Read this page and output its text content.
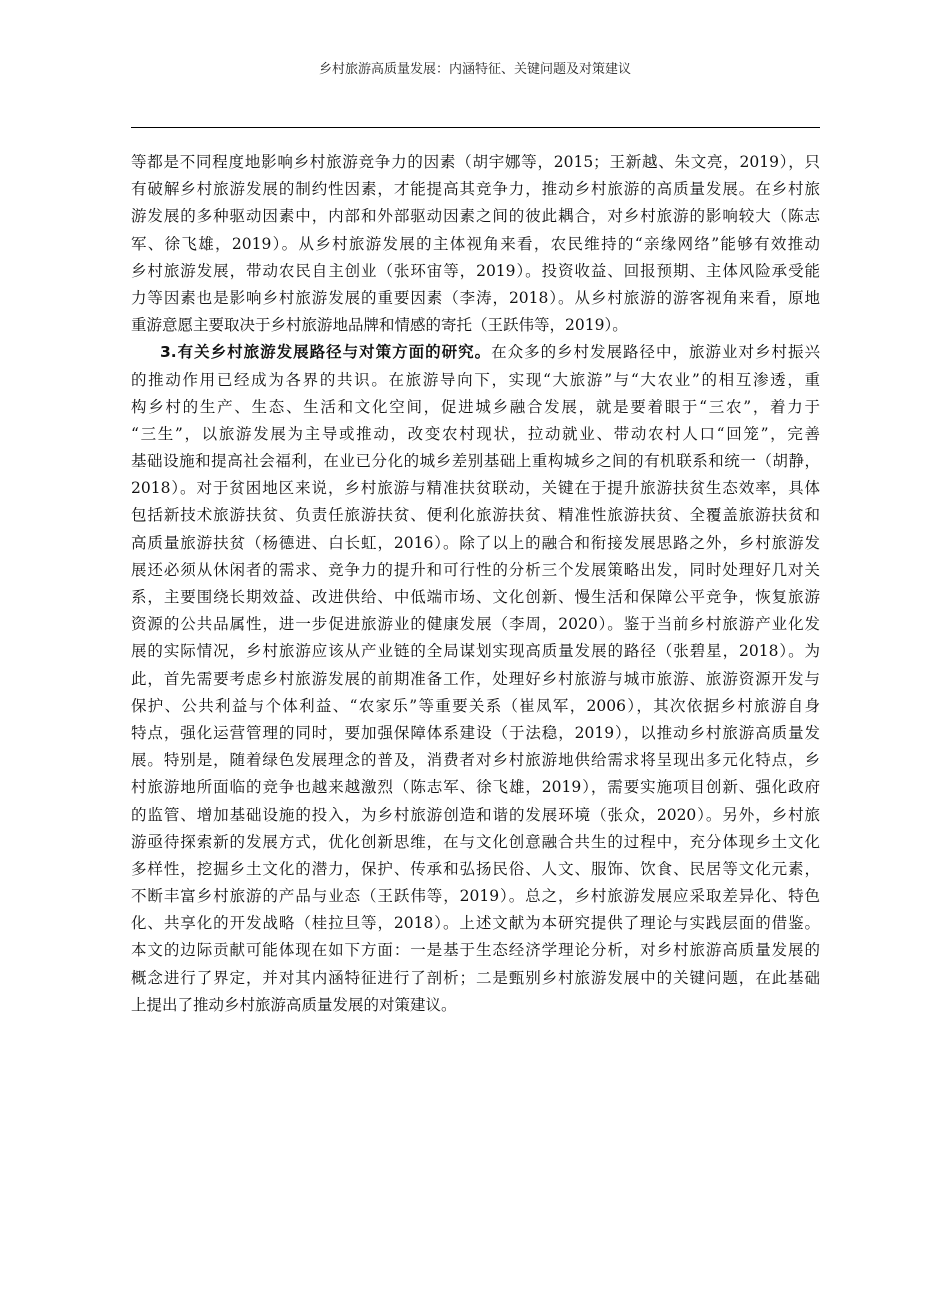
乡村旅游高质量发展：内涵特征、关键问题及对策建议
等都是不同程度地影响乡村旅游竞争力的因素（胡宇娜等，2015；王新越、朱文亮，2019），只
有破解乡村旅游发展的制约性因素，才能提高其竞争力，推动乡村旅游的高质量发展。在乡村旅
游发展的多种驱动因素中，内部和外部驱动因素之间的彼此耦合，对乡村旅游的影响较大（陈志
军、徐飞雄，2019）。从乡村旅游发展的主体视角来看，农民维持的“亲缘网络”能够有效推动
乡村旅游发展，带动农民自主创业（张环宙等，2019）。投资收益、回报预期、主体风险承受能
力等因素也是影响乡村旅游发展的重要因素（李涛，2018）。从乡村旅游的游客视角来看，原地
重游意愿主要取决于乡村旅游地品牌和情感的寄托（王跃伟等，2019）。
3.有关乡村旅游发展路径与对策方面的研究。在众多的乡村发展路径中，旅游业对乡村振兴
的推动作用已经成为各界的共识。在旅游导向下，实现“大旅游”与“大农业”的相互渗透，重
构乡村的生产、生态、生活和文化空间，促进城乡融合发展，就是要着眼于“三农”，着力于
“三生”，以旅游发展为主导或推动，改变农村现状，拉动就业、带动农村人口“回笼”，完善
基础设施和提高社会福利，在业已分化的城乡差别基础上重构城乡之间的有机联系和统一（胡静，
2018）。对于贫困地区来说，乡村旅游与精准扶贫联动，关键在于提升旅游扶贫生态效率，具体
包括新技术旅游扶贫、负责任旅游扶贫、便利化旅游扶贫、精准性旅游扶贫、全覆盖旅游扶贫和
高质量旅游扶贫（杨德进、白长虹，2016）。除了以上的融合和衔接发展思路之外，乡村旅游发
展还必须从休闲者的需求、竞争力的提升和可行性的分析三个发展策略出发，同时处理好几对关
系，主要围绕长期效益、改进供给、中低端市场、文化创新、慢生活和保障公平竞争，恢复旅游
资源的公共品属性，进一步促进旅游业的健康发展（李周，2020）。鉴于当前乡村旅游产业化发
展的实际情况，乡村旅游应该从产业链的全局谋划实现高质量发展的路径（张碧星，2018）。为
此，首先需要考虑乡村旅游发展的前期准备工作，处理好乡村旅游与城市旅游、旅游资源开发与
保护、公共利益与个体利益、“农家乐”等重要关系（崔凤军，2006），其次依据乡村旅游自身
特点，强化运营管理的同时，要加强保障体系建设（于法稳，2019），以推动乡村旅游高质量发
展。特别是，随着绿色发展理念的普及，消费者对乡村旅游地供给需求将呈现出多元化特点，乡
村旅游地所面临的竞争也越来越激烈（陈志军、徐飞雄，2019），需要实施项目创新、强化政府
的监管、增加基础设施的投入，为乡村旅游创造和谐的发展环境（张众，2020）。另外，乡村旅
游亟待探索新的发展方式，优化创新思维，在与文化创意融合共生的过程中，充分体现乡土文化
多样性，挖掘乡土文化的潜力，保护、传承和弘扬民俗、人文、服饰、饮食、民居等文化元素，
不断丰富乡村旅游的产品与业态（王跃伟等，2019）。总之，乡村旅游发展应采取差异化、特色
化、共享化的开发战略（桂拉旦等，2018）。上述文献为本研究提供了理论与实践层面的借鉴。
本文的边际贡献可能体现在如下方面：一是基于生态经济学理论分析，对乡村旅游高质量发展的
概念进行了界定，并对其内涵特征进行了剖析；二是甄别乡村旅游发展中的关键问题，在此基础
上提出了推动乡村旅游高质量发展的对策建议。
